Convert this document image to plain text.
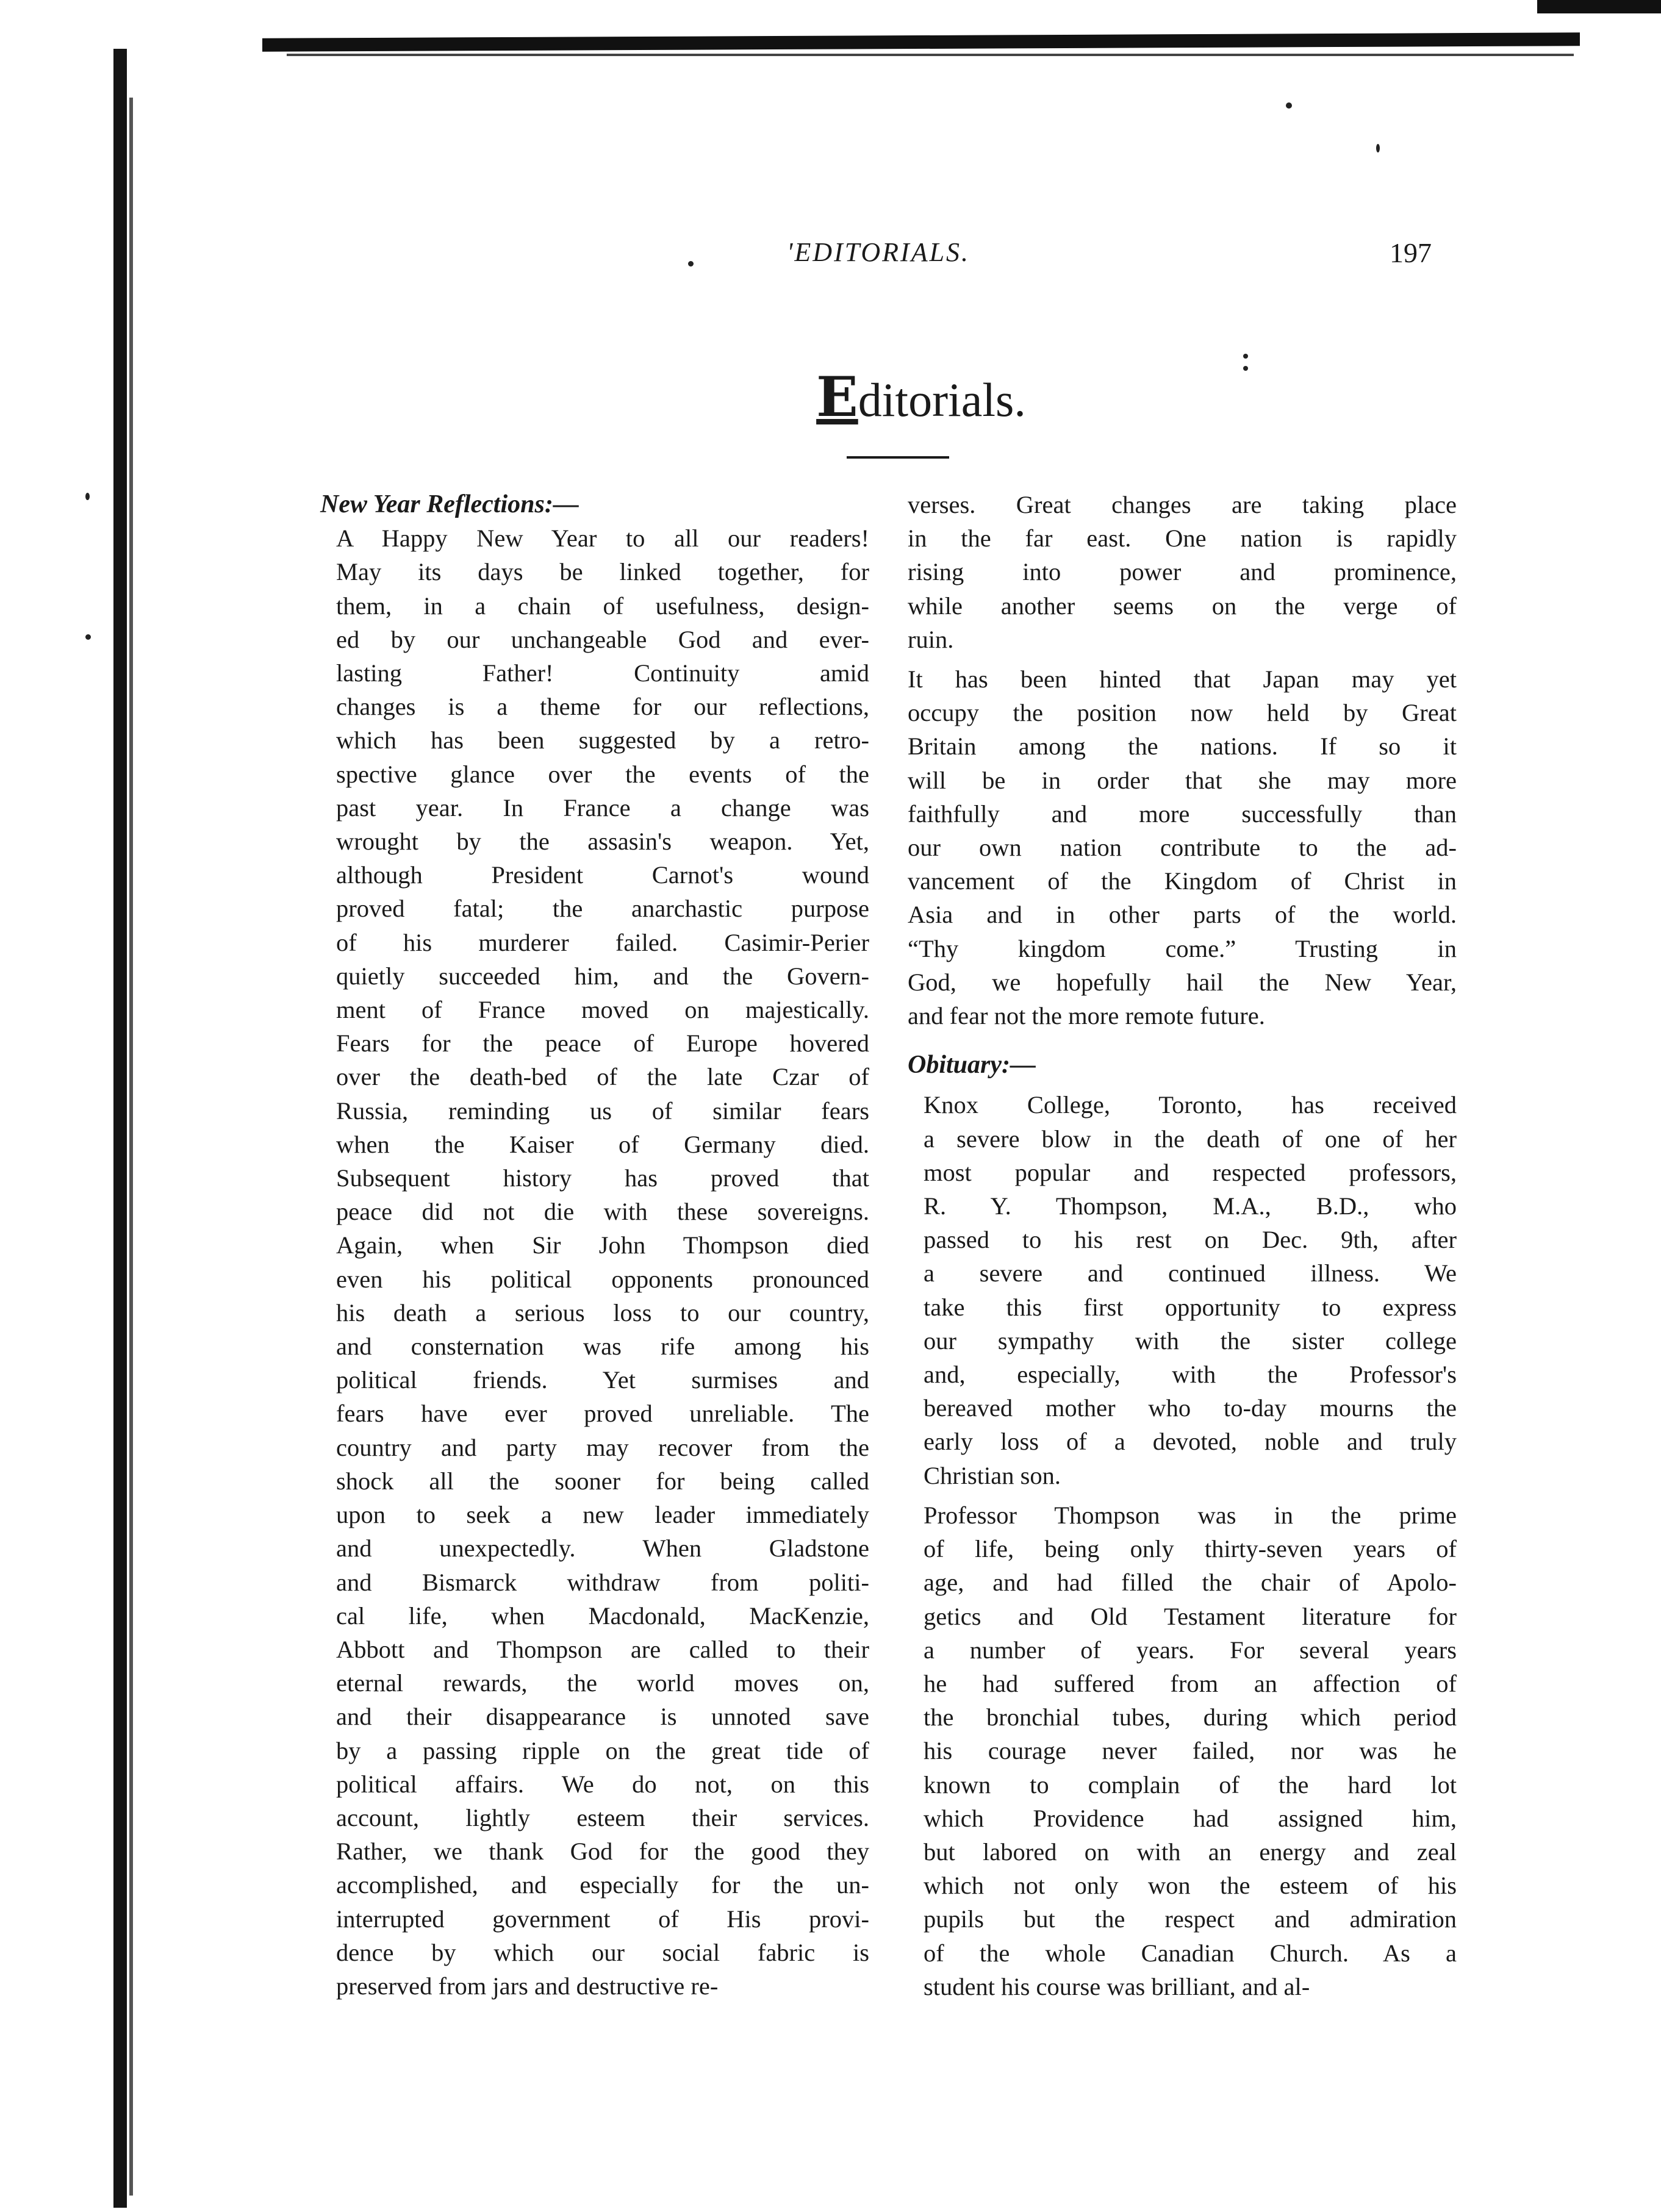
'EDITORIALS.	197
Editorials.
New Year Reflections:—

A Happy New Year to all our readers!
May its days be linked together, for
them, in a chain of usefulness, design-
ed by our unchangeable God and ever-
lasting Father! Continuity amid
changes is a theme for our reflections,
which has been suggested by a retro-
spective glance over the events of the
past year. In France a change was
wrought by the assasin's weapon. Yet,
although President Carnot's wound
proved fatal; the anarchastic purpose
of his murderer failed. Casimir-Perier
quietly succeeded him, and the Govern-
ment of France moved on majestically.
Fears for the peace of Europe hovered
over the death-bed of the late Czar of
Russia, reminding us of similar fears
when the Kaiser of Germany died.
Subsequent history has proved that
peace did not die with these sovereigns.
Again, when Sir John Thompson died
even his political opponents pronounced
his death a serious loss to our country,
and consternation was rife among his
political friends. Yet surmises and
fears have ever proved unreliable. The
country and party may recover from the
shock all the sooner for being called
upon to seek a new leader immediately
and unexpectedly. When Gladstone
and Bismarck withdraw from politi-
cal life, when Macdonald, MacKenzie,
Abbott and Thompson are called to their
eternal rewards, the world moves on,
and their disappearance is unnoted save
by a passing ripple on the great tide of
political affairs. We do not, on this
account, lightly esteem their services.
Rather, we thank God for the good they
accomplished, and especially for the un-
interrupted government of His provi-
dence by which our social fabric is
preserved from jars and destructive re-

verses. Great changes are taking place
in the far east. One nation is rapidly
rising into power and prominence,
while another seems on the verge of
ruin.

It has been hinted that Japan may yet
occupy the position now held by Great
Britain among the nations. If so it
will be in order that she may more
faithfully and more successfully than
our own nation contribute to the ad-
vancement of the Kingdom of Christ in
Asia and in other parts of the world.
“Thy kingdom come.” Trusting in
God, we hopefully hail the New Year,
and fear not the more remote future.

Obituary:—

Knox College, Toronto, has received
a severe blow in the death of one of her
most popular and respected professors,
R. Y. Thompson, M.A., B.D., who
passed to his rest on Dec. 9th, after
a severe and continued illness. We
take this first opportunity to express
our sympathy with the sister college
and, especially, with the Professor's
bereaved mother who to-day mourns the
early loss of a devoted, noble and truly
Christian son.

Professor Thompson was in the prime
of life, being only thirty-seven years of
age, and had filled the chair of Apolo-
getics and Old Testament literature for
a number of years. For several years
he had suffered from an affection of
the bronchial tubes, during which period
his courage never failed, nor was he
known to complain of the hard lot
which Providence had assigned him,
but labored on with an energy and zeal
which not only won the esteem of his
pupils but the respect and admiration
of the whole Canadian Church. As a
student his course was brilliant, and al-
